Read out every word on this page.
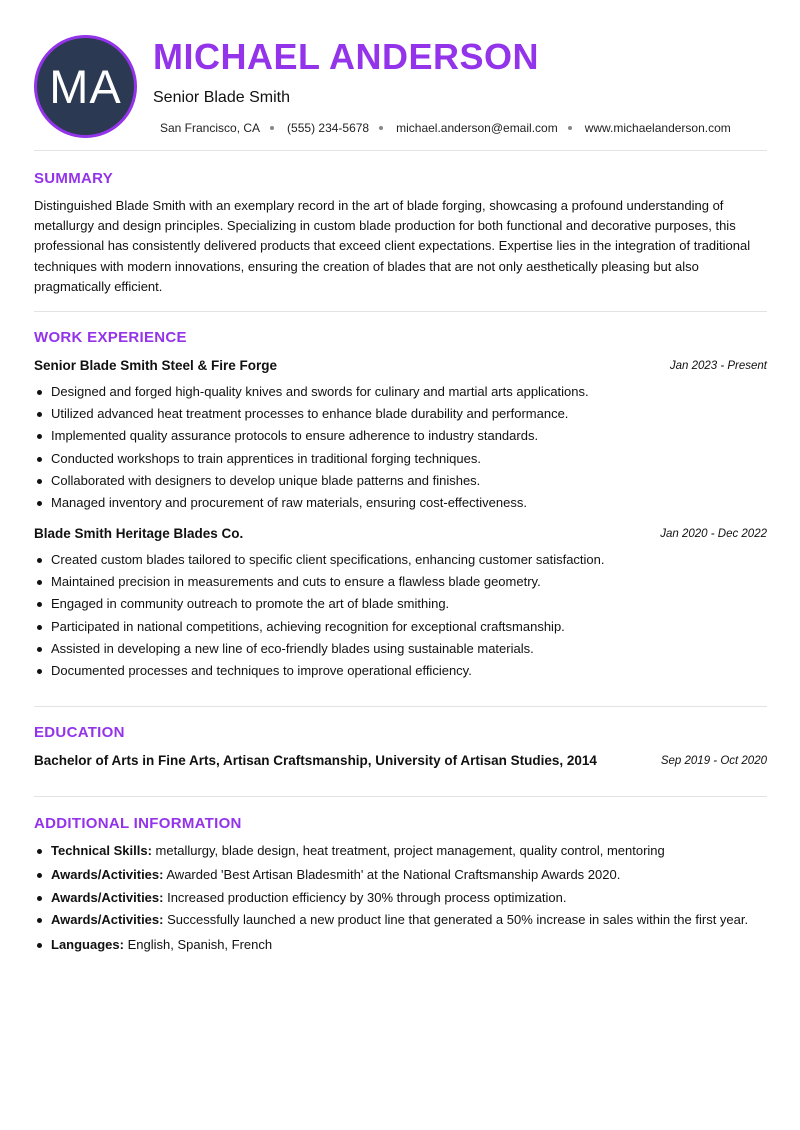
MA
MICHAEL ANDERSON
Senior Blade Smith
San Francisco, CA (555) 234-5678 michael.anderson@email.com www.michaelanderson.com
SUMMARY
Distinguished Blade Smith with an exemplary record in the art of blade forging, showcasing a profound understanding of metallurgy and design principles. Specializing in custom blade production for both functional and decorative purposes, this professional has consistently delivered products that exceed client expectations. Expertise lies in the integration of traditional techniques with modern innovations, ensuring the creation of blades that are not only aesthetically pleasing but also pragmatically efficient.
WORK EXPERIENCE
Senior Blade Smith Steel & Fire Forge	Jan 2023 - Present
Designed and forged high-quality knives and swords for culinary and martial arts applications.
Utilized advanced heat treatment processes to enhance blade durability and performance.
Implemented quality assurance protocols to ensure adherence to industry standards.
Conducted workshops to train apprentices in traditional forging techniques.
Collaborated with designers to develop unique blade patterns and finishes.
Managed inventory and procurement of raw materials, ensuring cost-effectiveness.
Blade Smith Heritage Blades Co.	Jan 2020 - Dec 2022
Created custom blades tailored to specific client specifications, enhancing customer satisfaction.
Maintained precision in measurements and cuts to ensure a flawless blade geometry.
Engaged in community outreach to promote the art of blade smithing.
Participated in national competitions, achieving recognition for exceptional craftsmanship.
Assisted in developing a new line of eco-friendly blades using sustainable materials.
Documented processes and techniques to improve operational efficiency.
EDUCATION
Bachelor of Arts in Fine Arts, Artisan Craftsmanship, University of Artisan Studies, 2014	Sep 2019 - Oct 2020
ADDITIONAL INFORMATION
Technical Skills: metallurgy, blade design, heat treatment, project management, quality control, mentoring
Awards/Activities: Awarded 'Best Artisan Bladesmith' at the National Craftsmanship Awards 2020.
Awards/Activities: Increased production efficiency by 30% through process optimization.
Awards/Activities: Successfully launched a new product line that generated a 50% increase in sales within the first year.
Languages: English, Spanish, French
